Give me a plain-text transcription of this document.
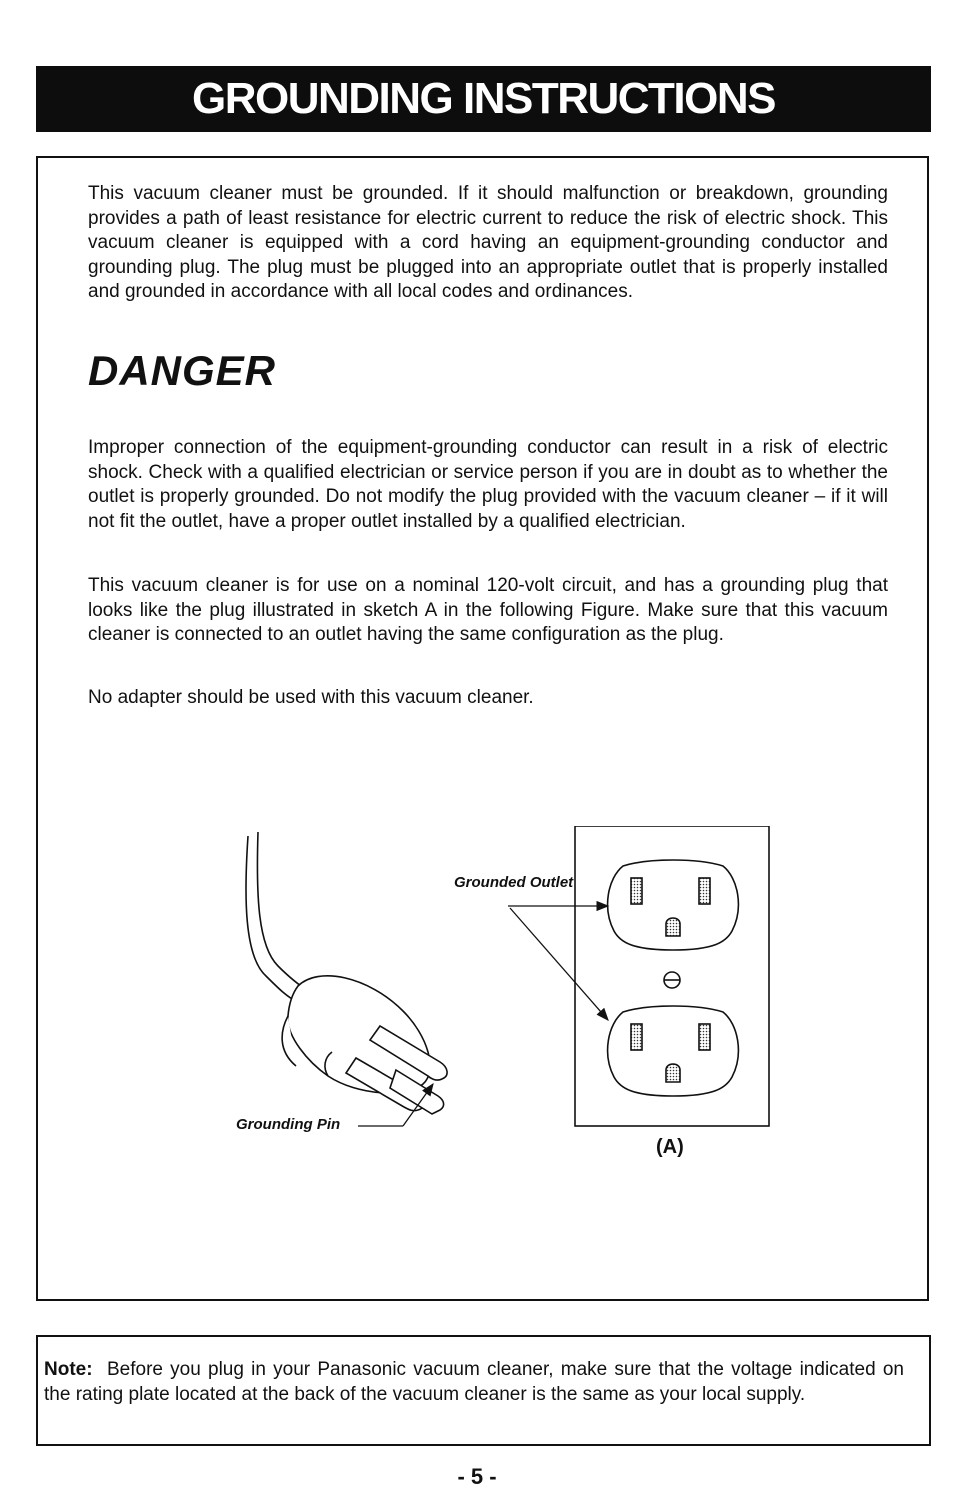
GROUNDING INSTRUCTIONS

This vacuum cleaner must be grounded. If it should malfunction or breakdown, grounding provides a path of least resistance for electric current to reduce the risk of electric shock. This vacuum cleaner is equipped with a cord having an equipment-grounding conductor and grounding plug. The plug must be plugged into an appropriate outlet that is properly installed and grounded in accordance with all local codes and ordinances.

DANGER

Improper connection of the equipment-grounding conductor can result in a risk of electric shock. Check with a qualified electrician or service person if you are in doubt as to whether the outlet is properly grounded. Do not modify the plug provided with the vacuum cleaner – if it will not fit the outlet, have a proper outlet installed by a qualified electrician.

This vacuum cleaner is for use on a nominal 120-volt circuit, and has a grounding plug that looks like the plug illustrated in sketch A in the following Figure. Make sure that this vacuum cleaner is connected to an outlet having the same configuration as the plug.

No adapter should be used with this vacuum cleaner.

Grounded Outlet
Grounding Pin
(A)

Note: Before you plug in your Panasonic vacuum cleaner, make sure that the voltage indicated on the rating plate located at the back of the vacuum cleaner is the same as your local supply.

- 5 -
